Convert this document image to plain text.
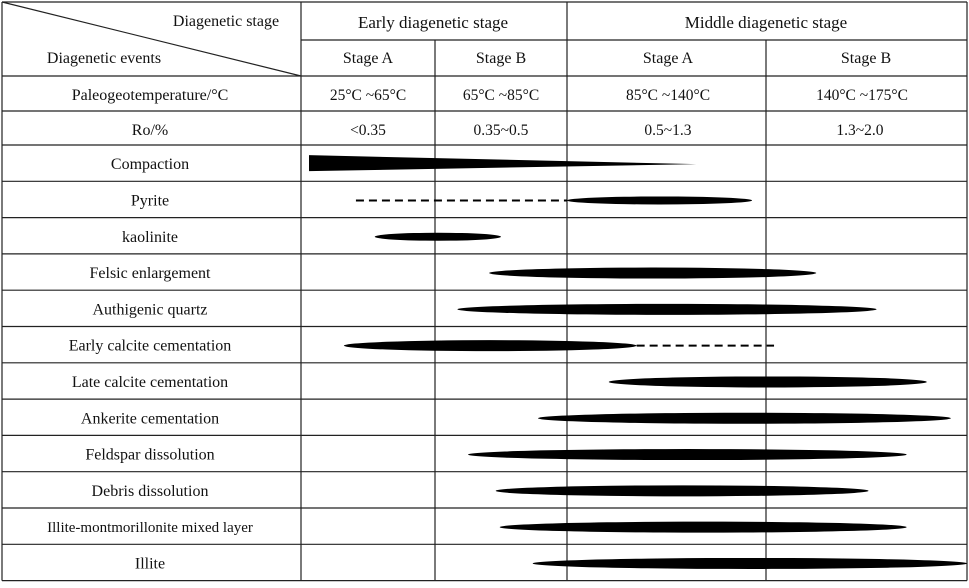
Diagenetic stage
Diagenetic events
Early diagenetic stage	Middle diagenetic stage
Stage A	Stage B	Stage A	Stage B
Paleogeotemperature/°C	25°C ~65°C	65°C ~85°C	85°C ~140°C	140°C ~175°C
Ro/%	<0.35	0.35~0.5	0.5~1.3	1.3~2.0
Compaction
Pyrite
kaolinite
Felsic enlargement
Authigenic quartz
Early calcite cementation
Late calcite cementation
Ankerite cementation
Feldspar dissolution
Debris dissolution
Illite-montmorillonite mixed layer
Illite
